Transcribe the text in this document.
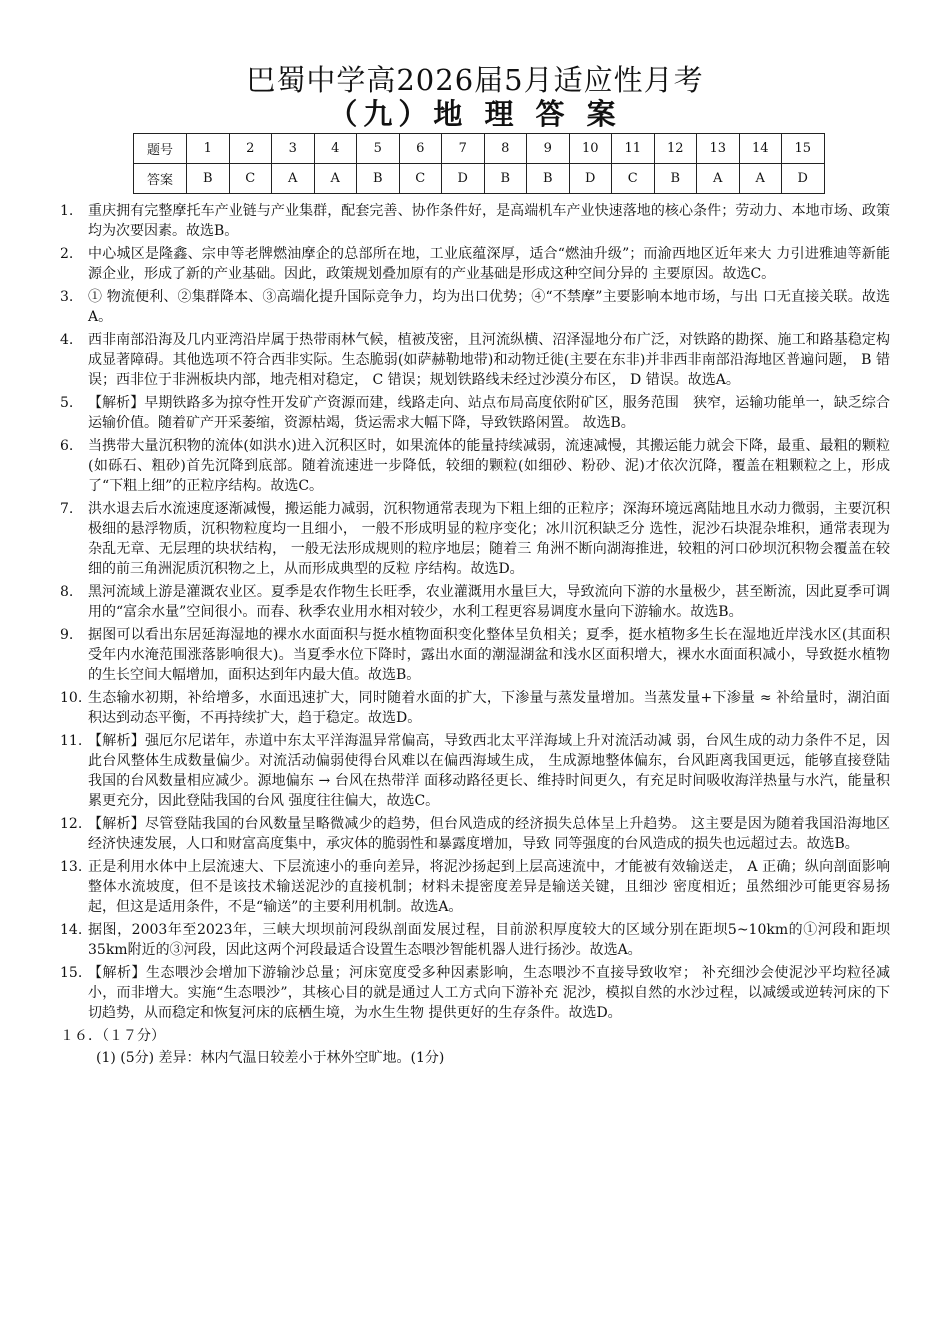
巴蜀中学高2026届5月适应性月考
（九）地 理 答 案
题号	1	2	3	4	5	6	7	8	9	10	11	12	13	14	15
答案	B	C	A	A	B	C	D	B	B	D	C	B	A	A	D
1.	重庆拥有完整摩托车产业链与产业集群，配套完善、协作条件好，是高端机车产业快速落地的核心条件；劳动力、本地市场、政策均为次要因素。故选B。
2.	中心城区是隆鑫、宗申等老牌燃油摩企的总部所在地，工业底蕴深厚，适合“燃油升级”；而渝西地区近年来大 力引进雅迪等新能源企业，形成了新的产业基础。因此，政策规划叠加原有的产业基础是形成这种空间分异的 主要原因。故选C。
3.	① 物流便利、②集群降本、③高端化提升国际竞争力，均为出口优势；④“不禁摩”主要影响本地市场，与出 口无直接关联。故选A。
4.	西非南部沿海及几内亚湾沿岸属于热带雨林气候，植被茂密，且河流纵横、沼泽湿地分布广泛，对铁路的勘探、施工和路基稳定构成显著障碍。其他选项不符合西非实际。生态脆弱(如萨赫勒地带)和动物迁徙(主要在东非)并非西非南部沿海地区普遍问题， B 错误；西非位于非洲板块内部，地壳相对稳定， C 错误；规划铁路线未经过沙漠分布区， D 错误。故选A。
5.	【解析】早期铁路多为掠夺性开发矿产资源而建，线路走向、站点布局高度依附矿区，服务范围　狭窄，运输功能单一，缺乏综合运输价值。随着矿产开采萎缩，资源枯竭，货运需求大幅下降，导致铁路闲置。 故选B。
6.	当携带大量沉积物的流体(如洪水)进入沉积区时，如果流体的能量持续减弱，流速减慢，其搬运能力就会下降，最重、最粗的颗粒(如砾石、粗砂)首先沉降到底部。随着流速进一步降低，较细的颗粒(如细砂、粉砂、泥)才依次沉降，覆盖在粗颗粒之上，形成了“下粗上细”的正粒序结构。故选C。
7.	洪水退去后水流速度逐渐减慢，搬运能力减弱，沉积物通常表现为下粗上细的正粒序；深海环境远离陆地且水动力微弱，主要沉积极细的悬浮物质，沉积物粒度均一且细小， 一般不形成明显的粒序变化；冰川沉积缺乏分 选性，泥沙石块混杂堆积，通常表现为杂乱无章、无层理的块状结构， 一般无法形成规则的粒序地层；随着三 角洲不断向湖海推进，较粗的河口砂坝沉积物会覆盖在较细的前三角洲泥质沉积物之上，从而形成典型的反粒 序结构。故选D。
8.	黑河流域上游是灌溉农业区。夏季是农作物生长旺季，农业灌溉用水量巨大，导致流向下游的水量极少，甚至断流，因此夏季可调用的“富余水量”空间很小。而春、秋季农业用水相对较少，水利工程更容易调度水量向下游输水。故选B。
9.	据图可以看出东居延海湿地的裸水水面面积与挺水植物面积变化整体呈负相关；夏季，挺水植物多生长在湿地近岸浅水区(其面积受年内水淹范围涨落影响很大)。当夏季水位下降时，露出水面的潮湿湖盆和浅水区面积增大，裸水水面面积减小，导致挺水植物的生长空间大幅增加，面积达到年内最大值。故选B。
10. 生态输水初期，补给增多，水面迅速扩大，同时随着水面的扩大，下渗量与蒸发量增加。当蒸发量+下渗量 ≈ 补给量时，湖泊面积达到动态平衡，不再持续扩大，趋于稳定。故选D。
11. 【解析】强厄尔尼诺年，赤道中东太平洋海温异常偏高，导致西北太平洋海域上升对流活动减 弱，台风生成的动力条件不足，因此台风整体生成数量偏少。对流活动偏弱使得台风难以在偏西海域生成， 生成源地整体偏东，台风距离我国更远，能够直接登陆我国的台风数量相应减少。源地偏东 → 台风在热带洋 面移动路径更长、维持时间更久，有充足时间吸收海洋热量与水汽，能量积累更充分，因此登陆我国的台风 强度往往偏大，故选C。
12. 【解析】尽管登陆我国的台风数量呈略微减少的趋势，但台风造成的经济损失总体呈上升趋势。 这主要是因为随着我国沿海地区经济快速发展，人口和财富高度集中，承灾体的脆弱性和暴露度增加，导致 同等强度的台风造成的损失也远超过去。故选B。
13. 正是利用水体中上层流速大、下层流速小的垂向差异，将泥沙扬起到上层高速流中，才能被有效输送走， A 正确；纵向剖面影响整体水流坡度，但不是该技术输送泥沙的直接机制；材料未提密度差异是输送关键，且细沙 密度相近；虽然细沙可能更容易扬起，但这是适用条件，不是“输送”的主要利用机制。故选A。
14. 据图，2003年至2023年，三峡大坝坝前河段纵剖面发展过程，目前淤积厚度较大的区域分别在距坝5~10km的①河段和距坝35km附近的③河段，因此这两个河段最适合设置生态喂沙智能机器人进行扬沙。故选A。
15. 【解析】生态喂沙会增加下游输沙总量；河床宽度受多种因素影响，生态喂沙不直接导致收窄； 补充细沙会使泥沙平均粒径减小，而非增大。实施“生态喂沙”，其核心目的就是通过人工方式向下游补充 泥沙，模拟自然的水沙过程，以减缓或逆转河床的下切趋势，从而稳定和恢复河床的底栖生境，为水生生物 提供更好的生存条件。故选D。
１６．（１７分）
(1) (5分) 差异：林内气温日较差小于林外空旷地。(1分)
